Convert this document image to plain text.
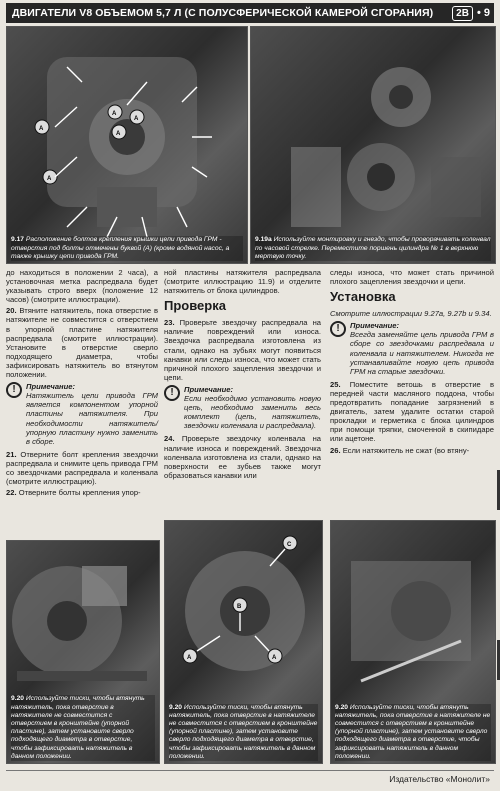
ДВИГАТЕЛИ V8 ОБЪЕМОМ 5,7 Л (С ПОЛУСФЕРИЧЕСКОЙ КАМЕРОЙ СГОРАНИЯ)	2B • 9
A
A
A
A
A
9.17 Расположение болтов крепления крышки цепи привода ГРМ - отверстия под болты отмечены буквой (А) (кроме водяной насос, а также крышку цепи привода ГРМ.
9.19a Используйте монтировку и гнездо, чтобы проворачивать коленвал по часовой стрелке. Переместите поршень цилиндра № 1 в верхнюю мертвую точку.

до находиться в положении 2 часа), а установочная метка распредвала будет указывать строго вверх (положение 12 часов) (смотрите иллюстрации).

20. Втяните натяжитель, пока отверстие в натяжителе не совместится с отверстием в упорной пластине натяжителя распредвала (смотрите иллюстрации). Установите в отверстие сверло подходящего диаметра, чтобы зафиксировать натяжитель во втянутом положении.

!	Примечание:
Натяжитель цепи привода ГРМ является компонентом упорной пластины натяжителя. При необходимости натяжитель/упорную пластину нужно заменить в сборе.

21. Отверните болт крепления звездочки распредвала и снимите цепь привода ГРМ со звездочками распредвала и коленвала (смотрите иллюстрацию).

22. Отверните болты крепления упор-

ной пластины натяжителя распредвала (смотрите иллюстрацию 11.9) и отделите натяжитель от блока цилиндров.

Проверка

23. Проверьте звездочку распредвала на наличие повреждений или износа. Звездочка распредвала изготовлена из стали, однако на зубьях могут появиться канавки или следы износа, что может стать причиной плохого зацепления звездочки и цепи.

!	Примечание:
Если необходимо установить новую цепь, необходимо заменить весь комплект (цепь, натяжитель, звездочки коленвала и распредвала).

24. Проверьте звездочку коленвала на наличие износа и повреждений. Звездочка коленвала изготовлена из стали, однако на поверхности ее зубьев также могут образоваться канавки или

следы износа, что может стать причиной плохого зацепления звездочки и цепи.

Установка

Смотрите иллюстрации 9.27a, 9.27b и 9.34.

!	Примечание:
Всегда заменяйте цепь привода ГРМ в сборе со звездочками распредвала и коленвала и натяжителем. Никогда не устанавливайте новую цепь привода ГРМ на старые звездочки.

25. Поместите ветошь в отверстие в передней части масляного поддона, чтобы предотвратить попадание загрязнений в двигатель, затем удалите остатки старой прокладки и герметика с блока цилиндров при помощи тряпки, смоченной в скипидаре или ацетоне.

26. Если натяжитель не сжат (во втяну-

9.20 Используйте тиски, чтобы втянуть натяжитель, пока отверстие в натяжителе не совместится с отверстием в кронштейне (упорной пластине), затем установите сверло подходящего диаметра в отверстие, чтобы зафиксировать натяжитель в данном положении.
C
B
A	A
9.20 Используйте тиски, чтобы втянуть натяжитель, пока отверстие в натяжителе не совместится с отверстием в кронштейне (упорной пластине), затем установите сверло подходящего диаметра в отверстие, чтобы зафиксировать натяжитель в данном положении.
9.20 Используйте тиски, чтобы втянуть натяжитель, пока отверстие в натяжителе не совместится с отверстием в кронштейне (упорной пластине), затем установите сверло подходящего диаметра в отверстие, чтобы зафиксировать натяжитель в данном положении.
Издательство «Монолит»
